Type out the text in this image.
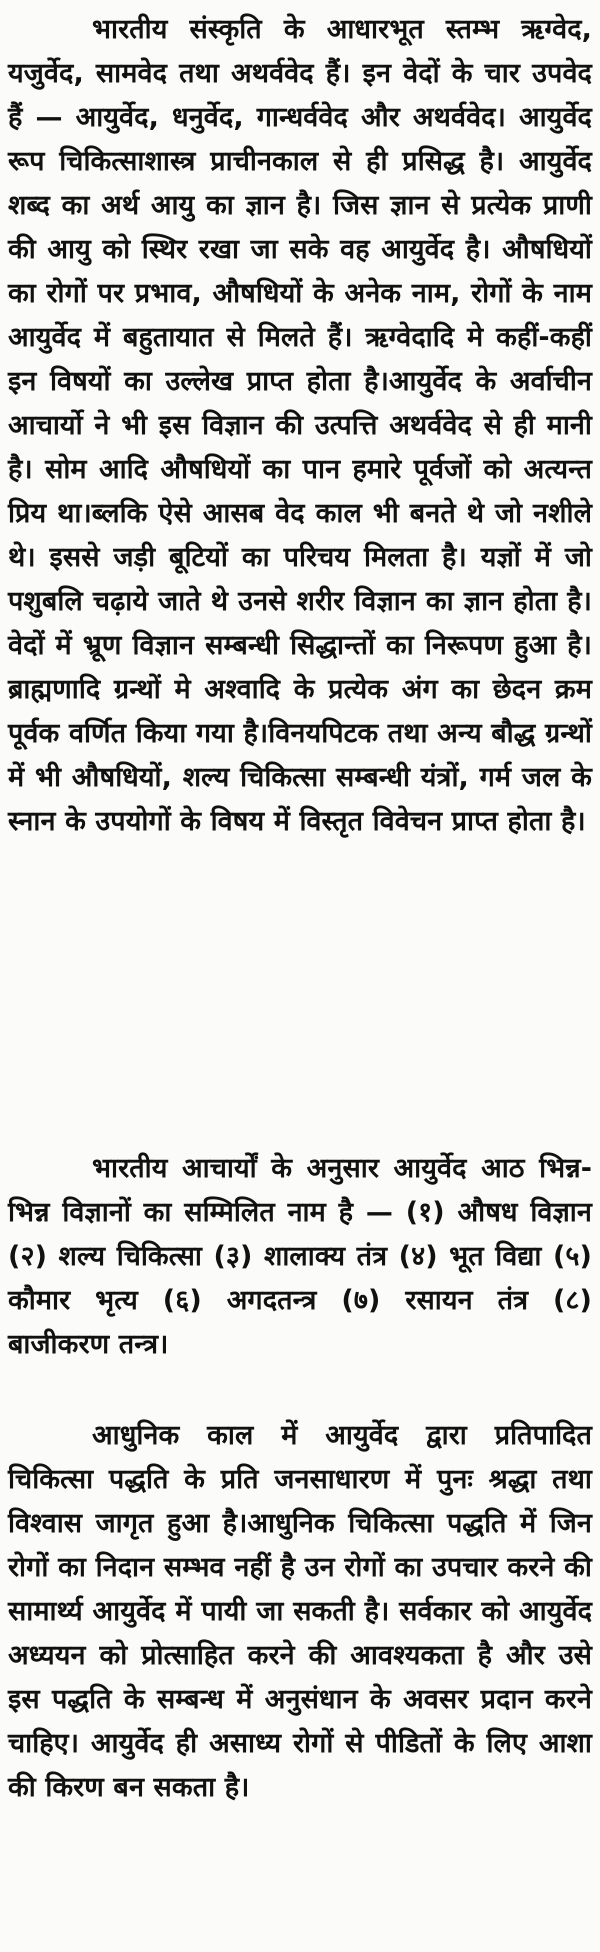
भारतीय संस्कृति के आधारभूत स्तम्भ ऋग्वेद, यजुर्वेद, सामवेद तथा अथर्ववेद हैं। इन वेदों के चार उपवेद हैं — आयुर्वेद, धनुर्वेद, गान्धर्ववेद और अथर्ववेद। आयुर्वेद रूप चिकित्साशास्त्र प्राचीनकाल से ही प्रसिद्ध है। आयुर्वेद शब्द का अर्थ आयु का ज्ञान है। जिस ज्ञान से प्रत्येक प्राणी की आयु को स्थिर रखा जा सके वह आयुर्वेद है। औषधियों का रोगों पर प्रभाव, औषधियों के अनेक नाम, रोगों के नाम आयुर्वेद में बहुतायात से मिलते हैं। ऋग्वेदादि मे कहीं-कहीं इन विषयों का उल्लेख प्राप्त होता है।आयुर्वेद के अर्वाचीन आचार्यो ने भी इस विज्ञान की उत्पत्ति अथर्ववेद से ही मानी है। सोम आदि औषधियों का पान हमारे पूर्वजों को अत्यन्त प्रिय था।ब्लकि ऐसे आसब वेद काल भी बनते थे जो नशीले थे। इससे जड़ी बूटियों का परिचय मिलता है। यज्ञों में जो पशुबलि चढ़ाये जाते थे उनसे शरीर विज्ञान का ज्ञान होता है। वेदों में भ्रूण विज्ञान सम्बन्धी सिद्धान्तों का निरूपण हुआ है।ब्राह्मणादि ग्रन्थों मे अश्वादि के प्रत्येक अंग का छेदन क्रम पूर्वक वर्णित किया गया है।विनयपिटक तथा अन्य बौद्ध ग्रन्थों में भी औषधियों, शल्य चिकित्सा सम्बन्धी यंत्रों, गर्म जल के स्नान के उपयोगों के विषय में विस्तृत विवेचन प्राप्त होता है।

भारतीय आचार्यों के अनुसार आयुर्वेद आठ भिन्न-भिन्न विज्ञानों का सम्मिलित नाम है — (१) औषध विज्ञान (२) शल्य चिकित्सा (३) शालाक्य तंत्र (४) भूत विद्या (५) कौमार भृत्य (६) अगदतन्त्र (७) रसायन तंत्र (८) बाजीकरण तन्त्र।

आधुनिक काल में आयुर्वेद द्वारा प्रतिपादित चिकित्सा पद्धति के प्रति जनसाधारण में पुनः श्रद्धा तथा विश्वास जागृत हुआ है।आधुनिक चिकित्सा पद्धति में जिन रोगों का निदान सम्भव नहीं है उन रोगों का उपचार करने की सामार्थ्य आयुर्वेद में पायी जा सकती है। सर्वकार को आयुर्वेद अध्ययन को प्रोत्साहित करने की आवश्यकता है और उसे इस पद्धति के सम्बन्ध में अनुसंधान के अवसर प्रदान करने चाहिए। आयुर्वेद ही असाध्य रोगों से पीडितों के लिए आशा की किरण बन सकता है।
